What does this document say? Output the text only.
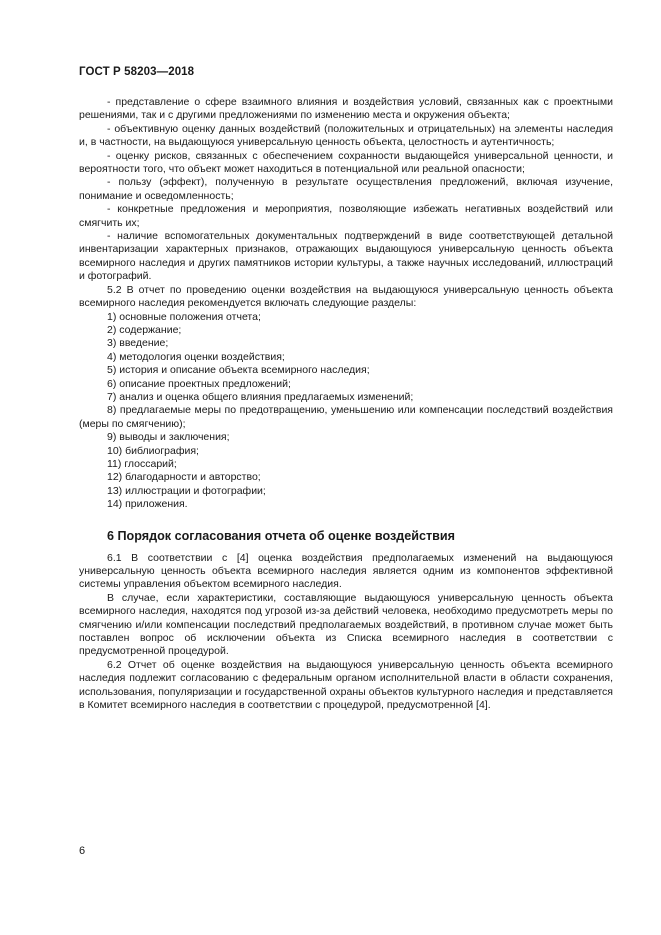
ГОСТ Р 58203—2018

- представление о сфере взаимного влияния и воздействия условий, связанных как с проектными решениями, так и с другими предложениями по изменению места и окружения объекта;

- объективную оценку данных воздействий (положительных и отрицательных) на элементы наследия и, в частности, на выдающуюся универсальную ценность объекта, целостность и аутентичность;

- оценку рисков, связанных с обеспечением сохранности выдающейся универсальной ценности, и вероятности того, что объект может находиться в потенциальной или реальной опасности;

- пользу (эффект), полученную в результате осуществления предложений, включая изучение, понимание и осведомленность;

- конкретные предложения и мероприятия, позволяющие избежать негативных воздействий или смягчить их;

- наличие вспомогательных документальных подтверждений в виде соответствующей детальной инвентаризации характерных признаков, отражающих выдающуюся универсальную ценность объекта всемирного наследия и других памятников истории культуры, а также научных исследований, иллюстраций и фотографий.

5.2 В отчет по проведению оценки воздействия на выдающуюся универсальную ценность объекта всемирного наследия рекомендуется включать следующие разделы:

1) основные положения отчета;
2) содержание;
3) введение;
4) методология оценки воздействия;
5) история и описание объекта всемирного наследия;
6) описание проектных предложений;
7) анализ и оценка общего влияния предлагаемых изменений;
8) предлагаемые меры по предотвращению, уменьшению или компенсации последствий воздействия (меры по смягчению);
9) выводы и заключения;
10) библиография;
11) глоссарий;
12) благодарности и авторство;
13) иллюстрации и фотографии;
14) приложения.
6 Порядок согласования отчета об оценке воздействия

6.1 В соответствии с [4] оценка воздействия предполагаемых изменений на выдающуюся универсальную ценность объекта всемирного наследия является одним из компонентов эффективной системы управления объектом всемирного наследия.

В случае, если характеристики, составляющие выдающуюся универсальную ценность объекта всемирного наследия, находятся под угрозой из-за действий человека, необходимо предусмотреть меры по смягчению и/или компенсации последствий предполагаемых воздействий, в противном случае может быть поставлен вопрос об исключении объекта из Списка всемирного наследия в соответствии с предусмотренной процедурой.

6.2 Отчет об оценке воздействия на выдающуюся универсальную ценность объекта всемирного наследия подлежит согласованию с федеральным органом исполнительной власти в области сохранения, использования, популяризации и государственной охраны объектов культурного наследия и представляется в Комитет всемирного наследия в соответствии с процедурой, предусмотренной [4].

6
